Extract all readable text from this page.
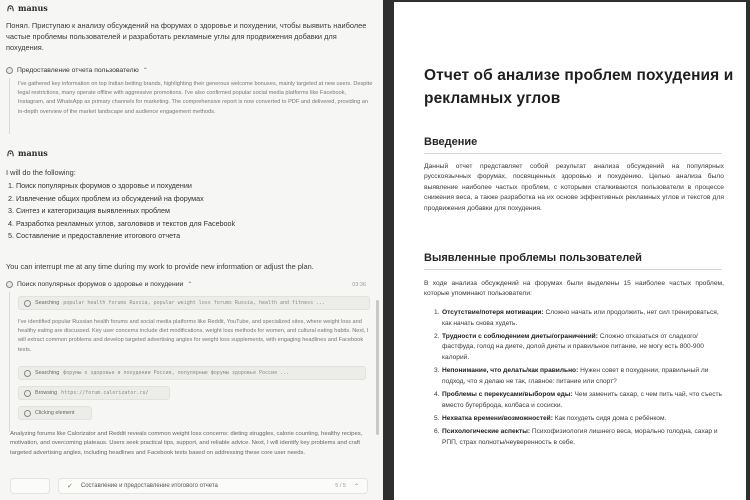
manus
Понял. Приступаю к анализу обсуждений на форумах о здоровье и похудении, чтобы выявить наиболее частые проблемы пользователей и разработать рекламные углы для продвижения добавки для похудения.
Предоставление отчета пользователю ⌃
I've gathered key information on top Indian betting brands, highlighting their generous welcome bonuses, mainly targeted at new users. Despite legal restrictions, many operate offline with aggressive promotions. I've also confirmed popular social media platforms like Facebook, Instagram, and WhatsApp as primary channels for marketing. The comprehensive report is now converted to PDF and delivered, providing an in-depth overview of the market landscape and audience engagement methods.
manus
I will do the following:
1. Поиск популярных форумов о здоровье и похудении
2. Извлечение общих проблем из обсуждений на форумах
3. Синтез и категоризация выявленных проблем
4. Разработка рекламных углов, заголовков и текстов для Facebook
5. Составление и предоставление итогового отчета
You can interrupt me at any time during my work to provide new information or adjust the plan.
Поиск популярных форумов о здоровье и похудении ⌃	03:36
Searching popular health forums Russia, popular weight loss forums Russia, health and fitness ...
I've identified popular Russian health forums and social media platforms like Reddit, YouTube, and specialized sites, where weight loss and healthy eating are discussed. Key user concerns include diet modifications, weight loss methods for women, and cultural eating habits. Next, I will extract common problems and develop targeted advertising angles for weight loss supplements, with engaging headlines and Facebook texts.
Searching форумы о здоровье и похудении Россия, популярные форумы здоровья Россия ...
Browsing https://forum.calorizator.ru/
Clicking element
Analyzing forums like Calorizator and Reddit reveals common weight loss concerns: dieting struggles, calorie counting, healthy recipes, motivation, and overcoming plateaus. Users seek practical tips, support, and reliable advice. Next, I will identify key problems and craft targeted advertising angles, including headlines and Facebook texts based on addressing these core user needs.
✓ Составление и предоставление итогового отчета	5 / 5 ⌃
Отчет об анализе проблем похудения и рекламных углов
Введение
Данный отчет представляет собой результат анализа обсуждений на популярных русскоязычных форумах, посвященных здоровью и похудению. Целью анализа было выявление наиболее частых проблем, с которыми сталкиваются пользователи в процессе снижения веса, а также разработка на их основе эффективных рекламных углов и текстов для продвижения добавки для похудения.
Выявленные проблемы пользователей
В ходе анализа обсуждений на форумах были выделены 15 наиболее частых проблем, которые упоминают пользователи:
1. Отсутствие/потеря мотивации: Сложно начать или продолжить, нет сил тренироваться, как начать снова худеть.
2. Трудности с соблюдением диеты/ограничений: Сложно отказаться от сладкого/фастфуда, голод на диете, долой диеты и правильное питание, не могу есть 800-900 калорий.
3. Непонимание, что делать/как правильно: Нужен совет в похудении, правильный ли подход, что я делаю не так, главное: питание или спорт?
4. Проблемы с перекусами/выбором еды: Чем заменить сахар, с чем пить чай, что съесть вместо бутерброда, колбаса и сосиски.
5. Нехватка времени/возможностей: Как похудеть сидя дома с ребёнком.
6. Психологические аспекты: Психофизиология лишнего веса, морально голодна, сахар и РПП, страх полноты/неуверенность в себе.
